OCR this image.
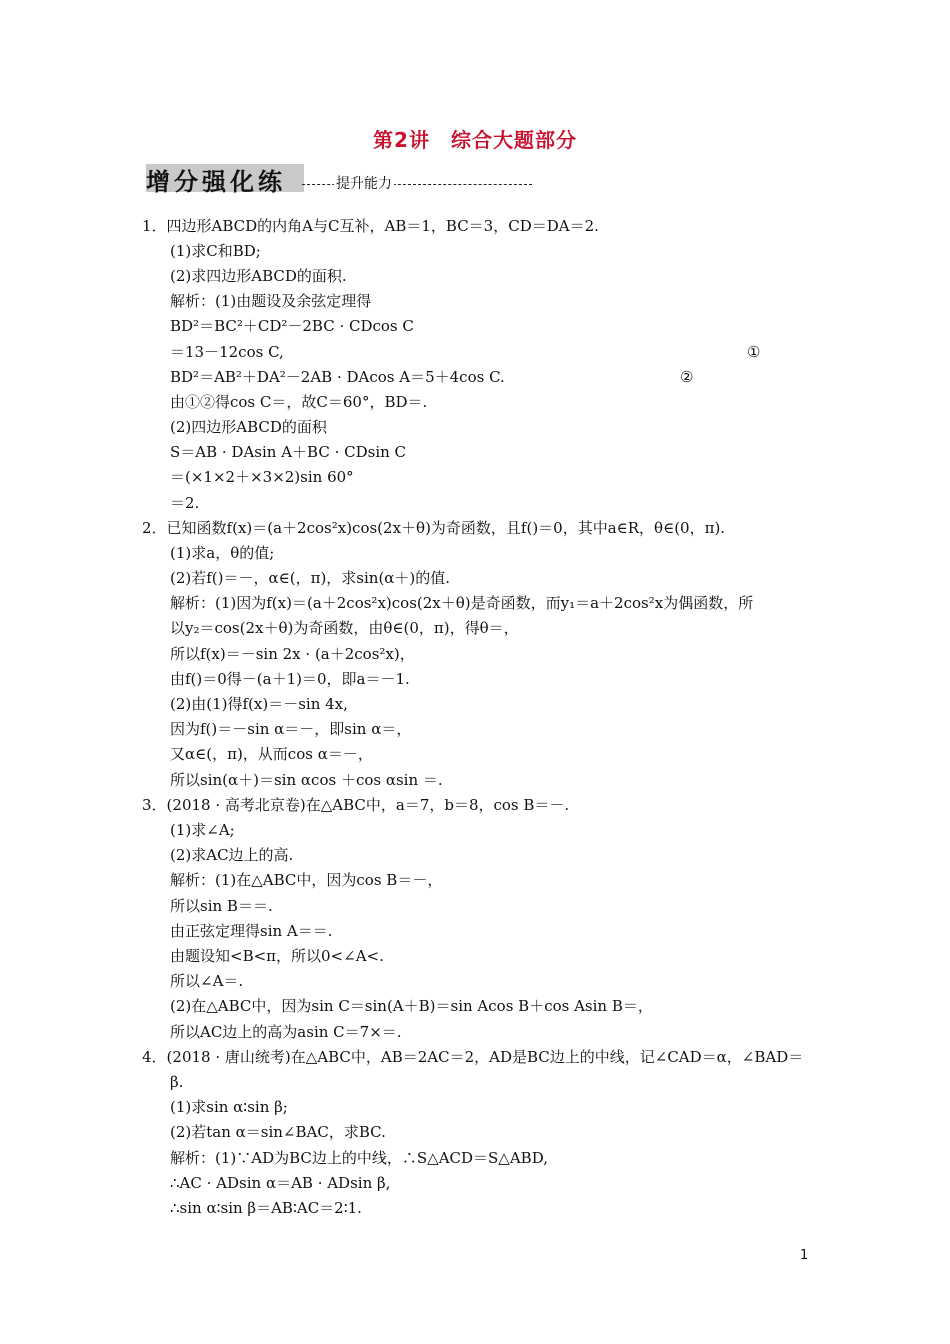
第2讲　综合大题部分
增分强化练	提升能力
1．四边形ABCD的内角A与C互补，AB＝1，BC＝3，CD＝DA＝2.
(1)求C和BD;
(2)求四边形ABCD的面积.
解析：(1)由题设及余弦定理得
BD²＝BC²＋CD²－2BC · CDcos C
＝13－12cos C,
BD²＝AB²＋DA²－2AB · DAcos A＝5＋4cos C.
由①②得cos C＝，故C＝60°，BD＝.
(2)四边形ABCD的面积
S＝AB · DAsin A＋BC · CDsin C
＝(×1×2＋×3×2)sin 60°
＝2.
2．已知函数f(x)＝(a＋2cos²x)cos(2x＋θ)为奇函数，且f()＝0，其中a∈R，θ∈(0，π).
(1)求a，θ的值;
(2)若f()＝－，α∈(，π)，求sin(α＋)的值.
解析：(1)因为f(x)＝(a＋2cos²x)cos(2x＋θ)是奇函数，而y₁＝a＋2cos²x为偶函数，所
以y₂＝cos(2x＋θ)为奇函数，由θ∈(0，π)，得θ＝，
所以f(x)＝－sin 2x · (a＋2cos²x)，
由f()＝0得－(a＋1)＝0，即a＝－1.
(2)由(1)得f(x)＝－sin 4x,
因为f()＝－sin α＝－，即sin α＝，
又α∈(，π)，从而cos α＝－，
所以sin(α＋)＝sin αcos ＋cos αsin ＝.
3．(2018 · 高考北京卷)在△ABC中，a＝7，b＝8，cos B＝－.
(1)求∠A;
(2)求AC边上的高.
解析：(1)在△ABC中，因为cos B＝－，
所以sin B＝＝.
由正弦定理得sin A＝＝.
由题设知<B<π，所以0<∠A<.
所以∠A＝.
(2)在△ABC中，因为sin C＝sin(A＋B)＝sin Acos B＋cos Asin B＝，
所以AC边上的高为asin C＝7×＝.
4．(2018 · 唐山统考)在△ABC中，AB＝2AC＝2，AD是BC边上的中线，记∠CAD＝α，∠BAD＝
β.
(1)求sin α∶sin β;
(2)若tan α＝sin∠BAC，求BC.
解析：(1)∵AD为BC边上的中线，∴S△ACD＝S△ABD,
∴AC · ADsin α＝AB · ADsin β,
∴sin α∶sin β＝AB∶AC＝2∶1.
①
②
1
